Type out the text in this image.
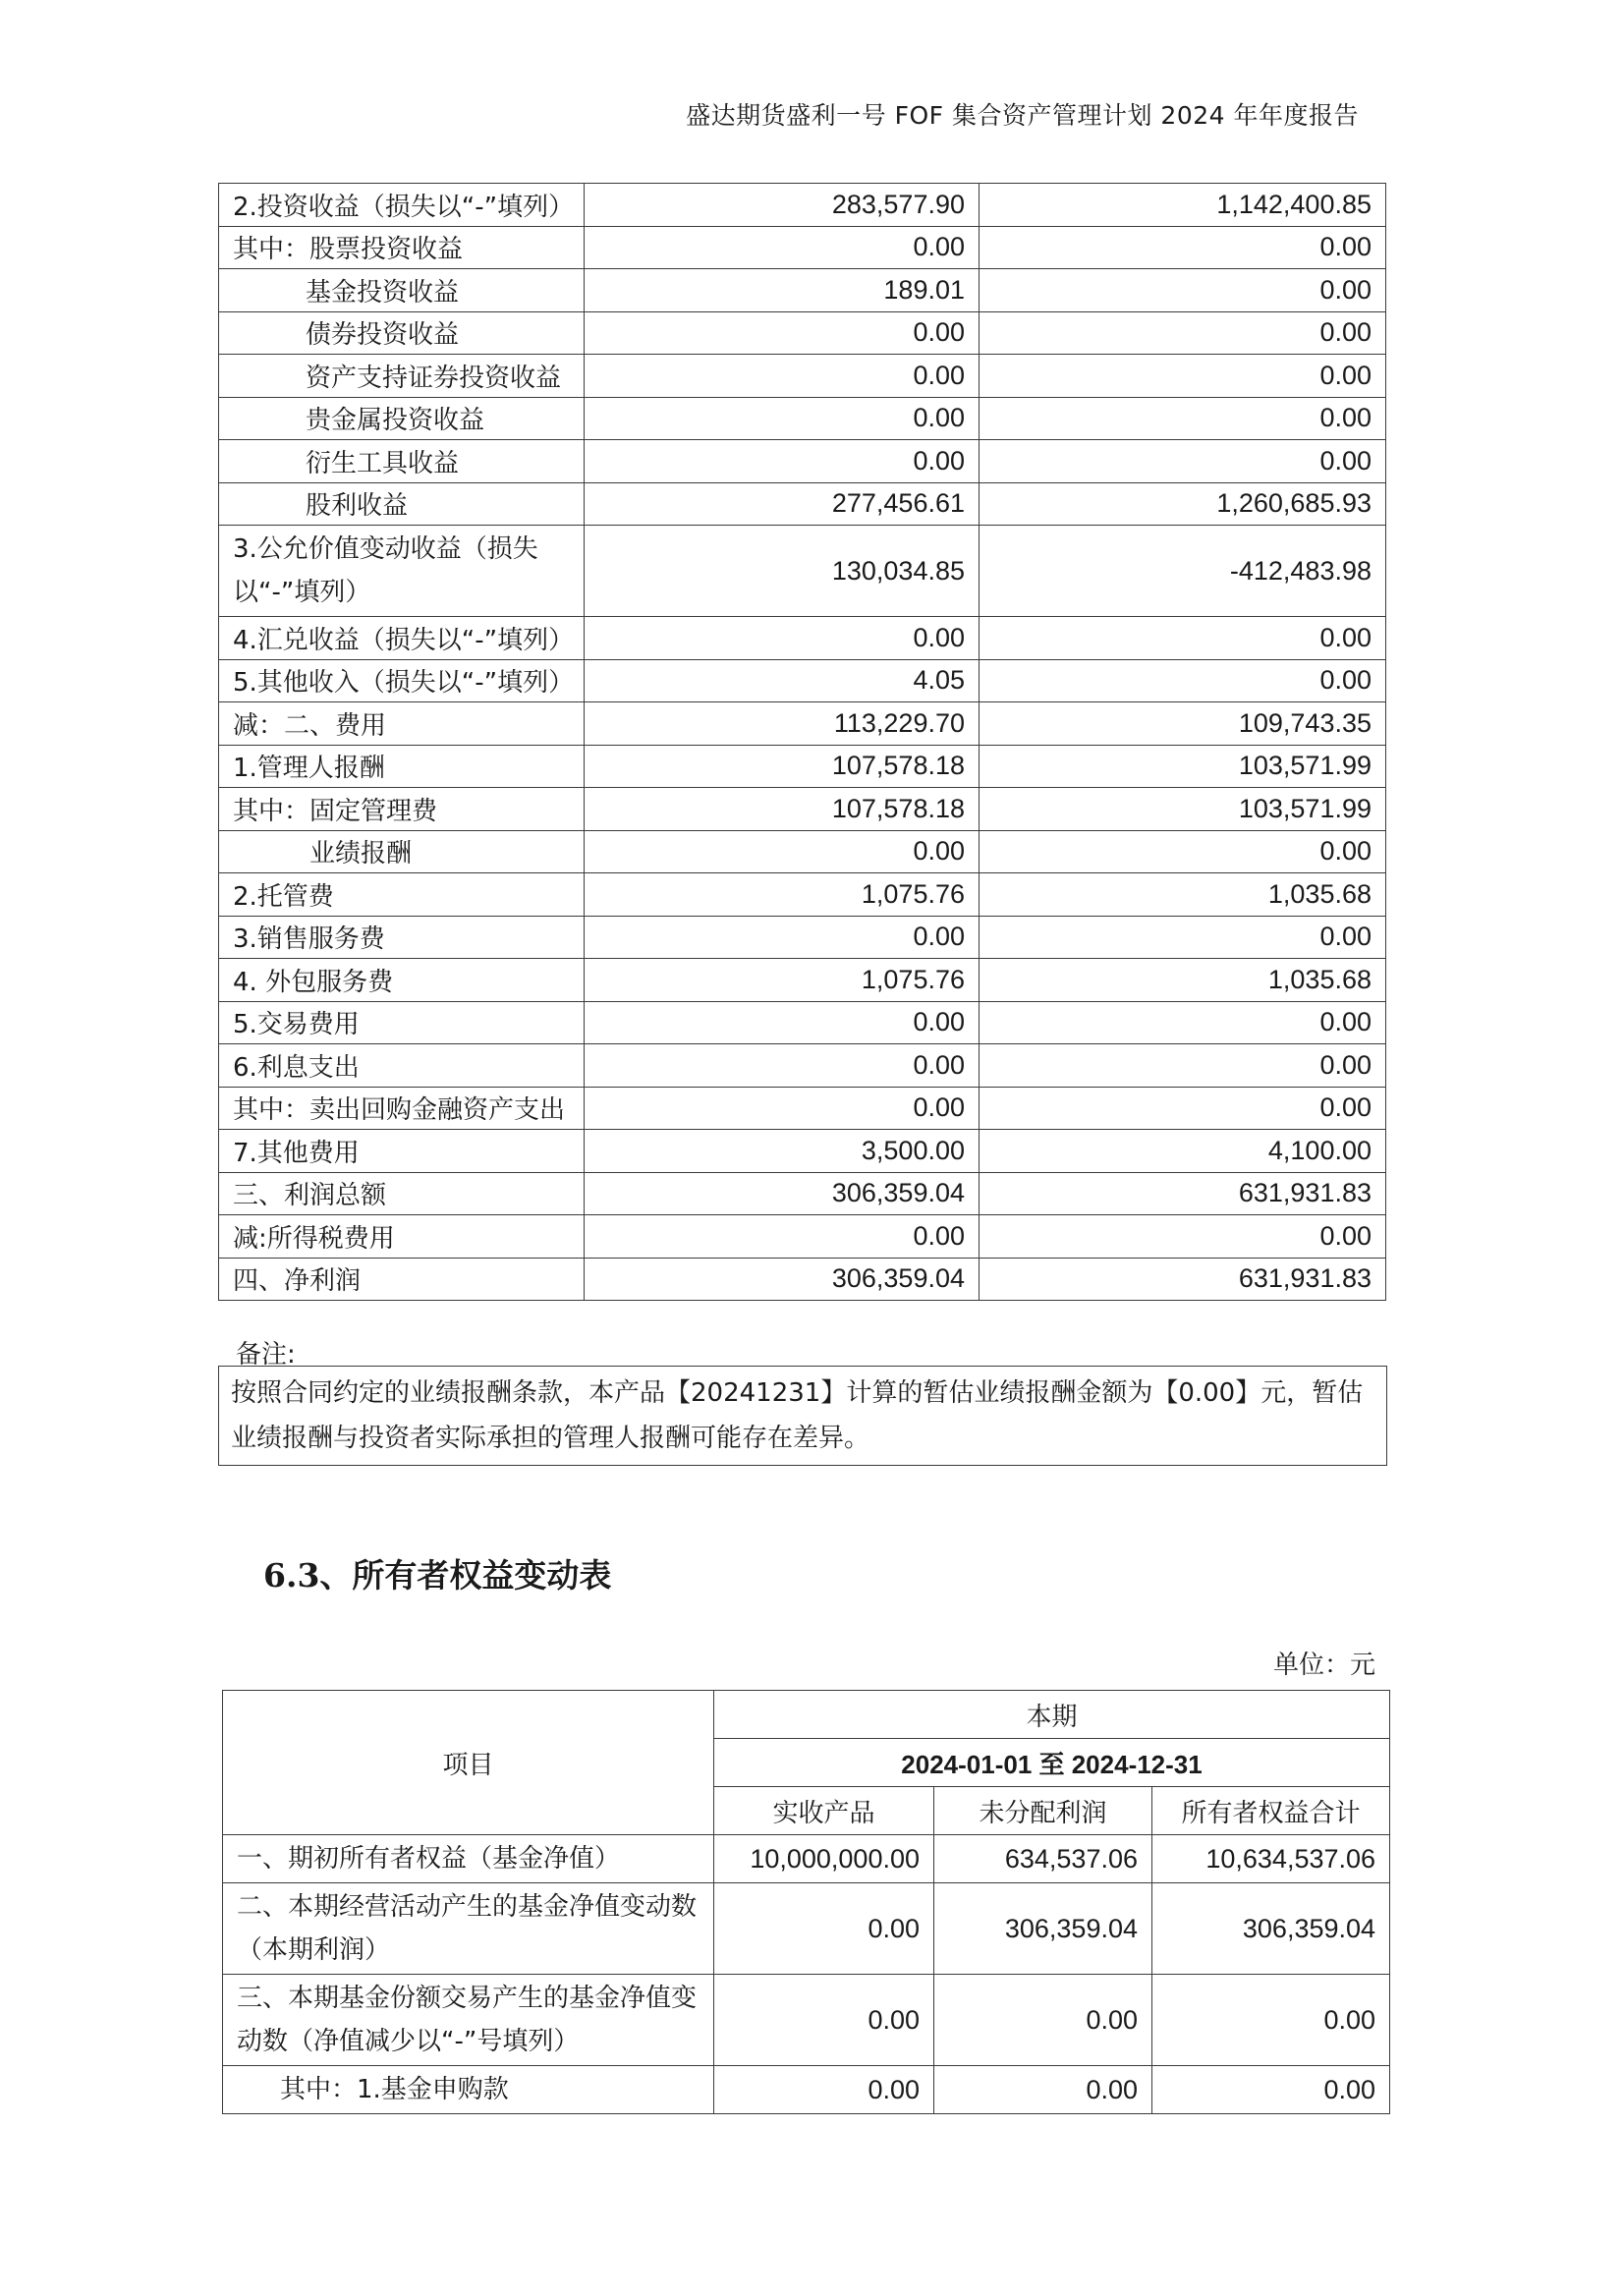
盛达期货盛利一号 FOF 集合资产管理计划 2024 年年度报告
2.投资收益（损失以“-”填列）	283,577.90	1,142,400.85
其中：股票投资收益	0.00	0.00
基金投资收益	189.01	0.00
债券投资收益	0.00	0.00
资产支持证券投资收益	0.00	0.00
贵金属投资收益	0.00	0.00
衍生工具收益	0.00	0.00
股利收益	277,456.61	1,260,685.93
3.公允价值变动收益（损失以“-”填列）	130,034.85	-412,483.98
4.汇兑收益（损失以“-”填列）	0.00	0.00
5.其他收入（损失以“-”填列）	4.05	0.00
减：二、费用	113,229.70	109,743.35
1.管理人报酬	107,578.18	103,571.99
其中：固定管理费	107,578.18	103,571.99
业绩报酬	0.00	0.00
2.托管费	1,075.76	1,035.68
3.销售服务费	0.00	0.00
4. 外包服务费	1,075.76	1,035.68
5.交易费用	0.00	0.00
6.利息支出	0.00	0.00
其中：卖出回购金融资产支出	0.00	0.00
7.其他费用	3,500.00	4,100.00
三、利润总额	306,359.04	631,931.83
减:所得税费用	0.00	0.00
四、净利润	306,359.04	631,931.83
备注:
按照合同约定的业绩报酬条款，本产品【20241231】计算的暂估业绩报酬金额为【0.00】元，暂估业绩报酬与投资者实际承担的管理人报酬可能存在差异。
6.3、所有者权益变动表
单位：元
项目	本期		
	2024-01-01 至 2024-12-31		
	实收产品	未分配利润	所有者权益合计
一、期初所有者权益（基金净值）	10,000,000.00	634,537.06	10,634,537.06
二、本期经营活动产生的基金净值变动数（本期利润）	0.00	306,359.04	306,359.04
三、本期基金份额交易产生的基金净值变动数（净值减少以“-”号填列）	0.00	0.00	0.00
其中：1.基金申购款	0.00	0.00	0.00
